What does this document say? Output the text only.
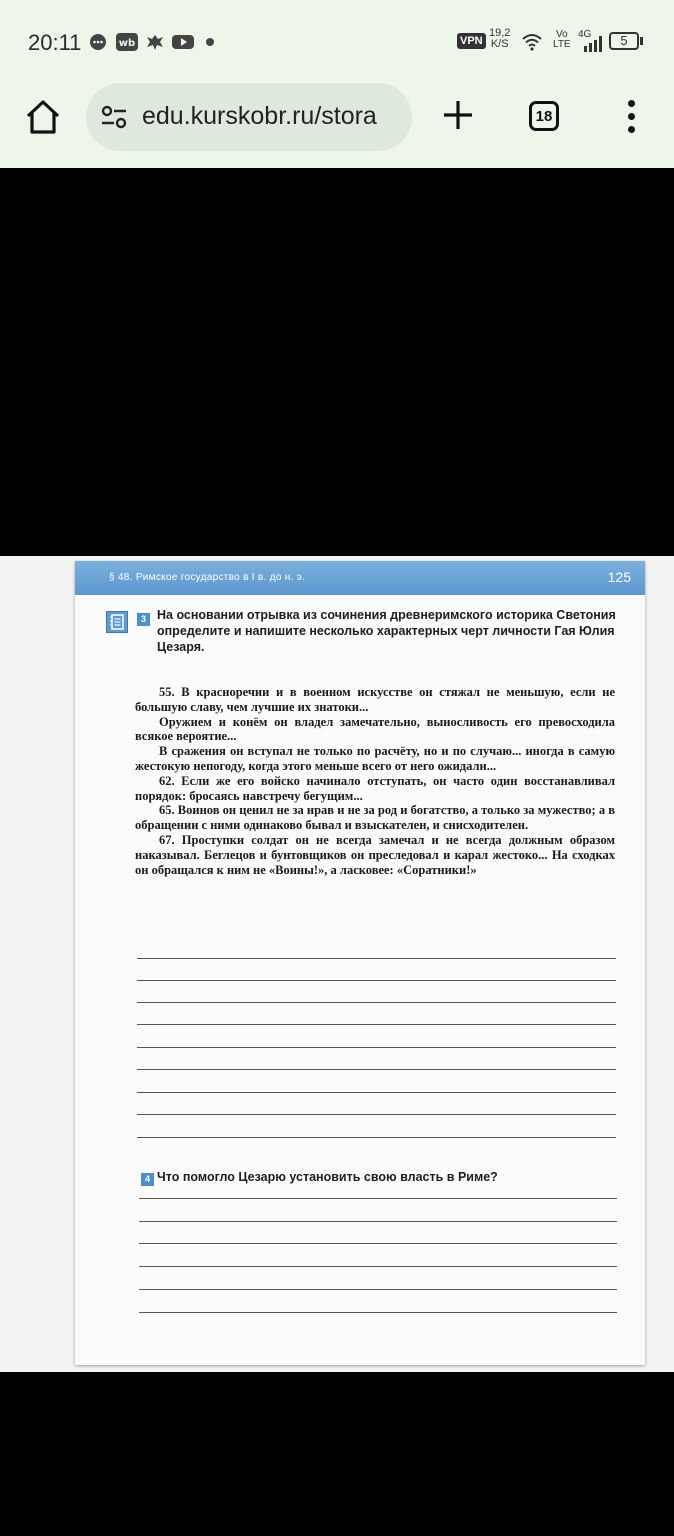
20:11	wb	VPN
19,2
K/S
Vo
LTE
4G	5
edu.kurskobr.ru/stora	18
§ 48. Римское государство в I в. до н. э.	125
3 На основании отрывка из сочинения древнеримского историка Светония определите и напишите несколько характерных черт личности Гая Юлия Цезаря.

55. В красноречии и в военном искусстве он стяжал не меньшую, если не большую славу, чем лучшие их знатоки...

Оружием и конём он владел замечательно, выносливость его превосходила всякое вероятие...

В сражения он вступал не только по расчёту, но и по случаю... иногда в самую жестокую непогоду, когда этого меньше всего от него ожидали...

62. Если же его войско начинало отступать, он часто один восстанавливал порядок: бросаясь навстречу бегущим...

65. Воинов он ценил не за нрав и не за род и богатство, а только за мужество; а в обращении с ними одинаково бывал и взыскателен, и снисходителен.

67. Проступки солдат он не всегда замечал и не всегда должным образом наказывал. Беглецов и бунтовщиков он преследовал и карал жестоко... На сходках он обращался к ним не «Воины!», а ласковее: «Соратники!»

4 Что помогло Цезарю установить свою власть в Риме?
